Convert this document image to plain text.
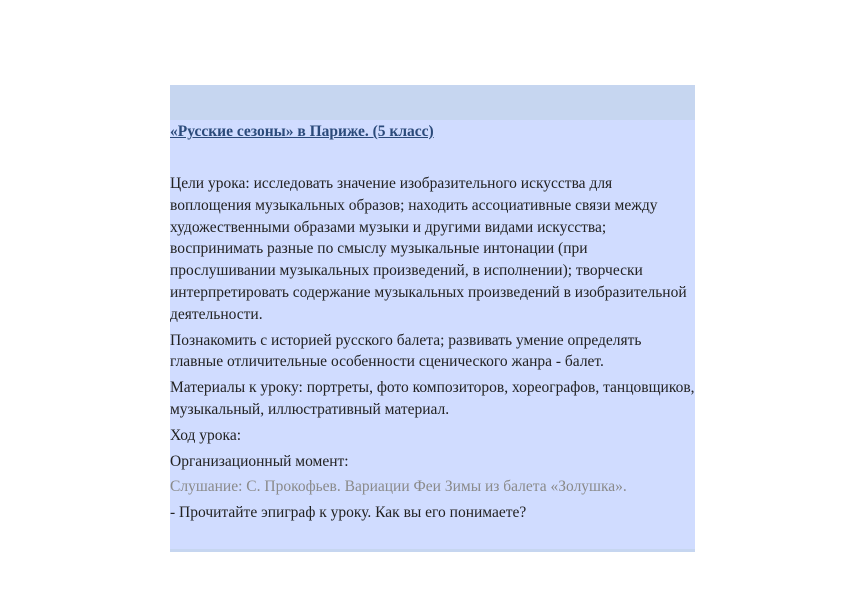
«Русские сезоны» в Париже. (5 класс)

Цели урока: исследовать значение изобразительного искусства для воплощения музыкальных образов; находить ассоциативные связи между художественными образами музыки и другими видами искусства; воспринимать разные по смыслу музыкальные интонации (при прослушивании музыкальных произведений, в исполнении); творчески интерпретировать содержание музыкальных произведений в изобразительной деятельности.

Познакомить с историей русского балета; развивать умение определять главные отличительные особенности сценического жанра - балет.

Материалы к уроку: портреты, фото композиторов, хореографов, танцовщиков, музыкальный, иллюстративный материал.

Ход урока:

Организационный момент:

Слушание: С. Прокофьев. Вариации Феи Зимы из балета «Золушка».

- Прочитайте эпиграф к уроку. Как вы его понимаете?
